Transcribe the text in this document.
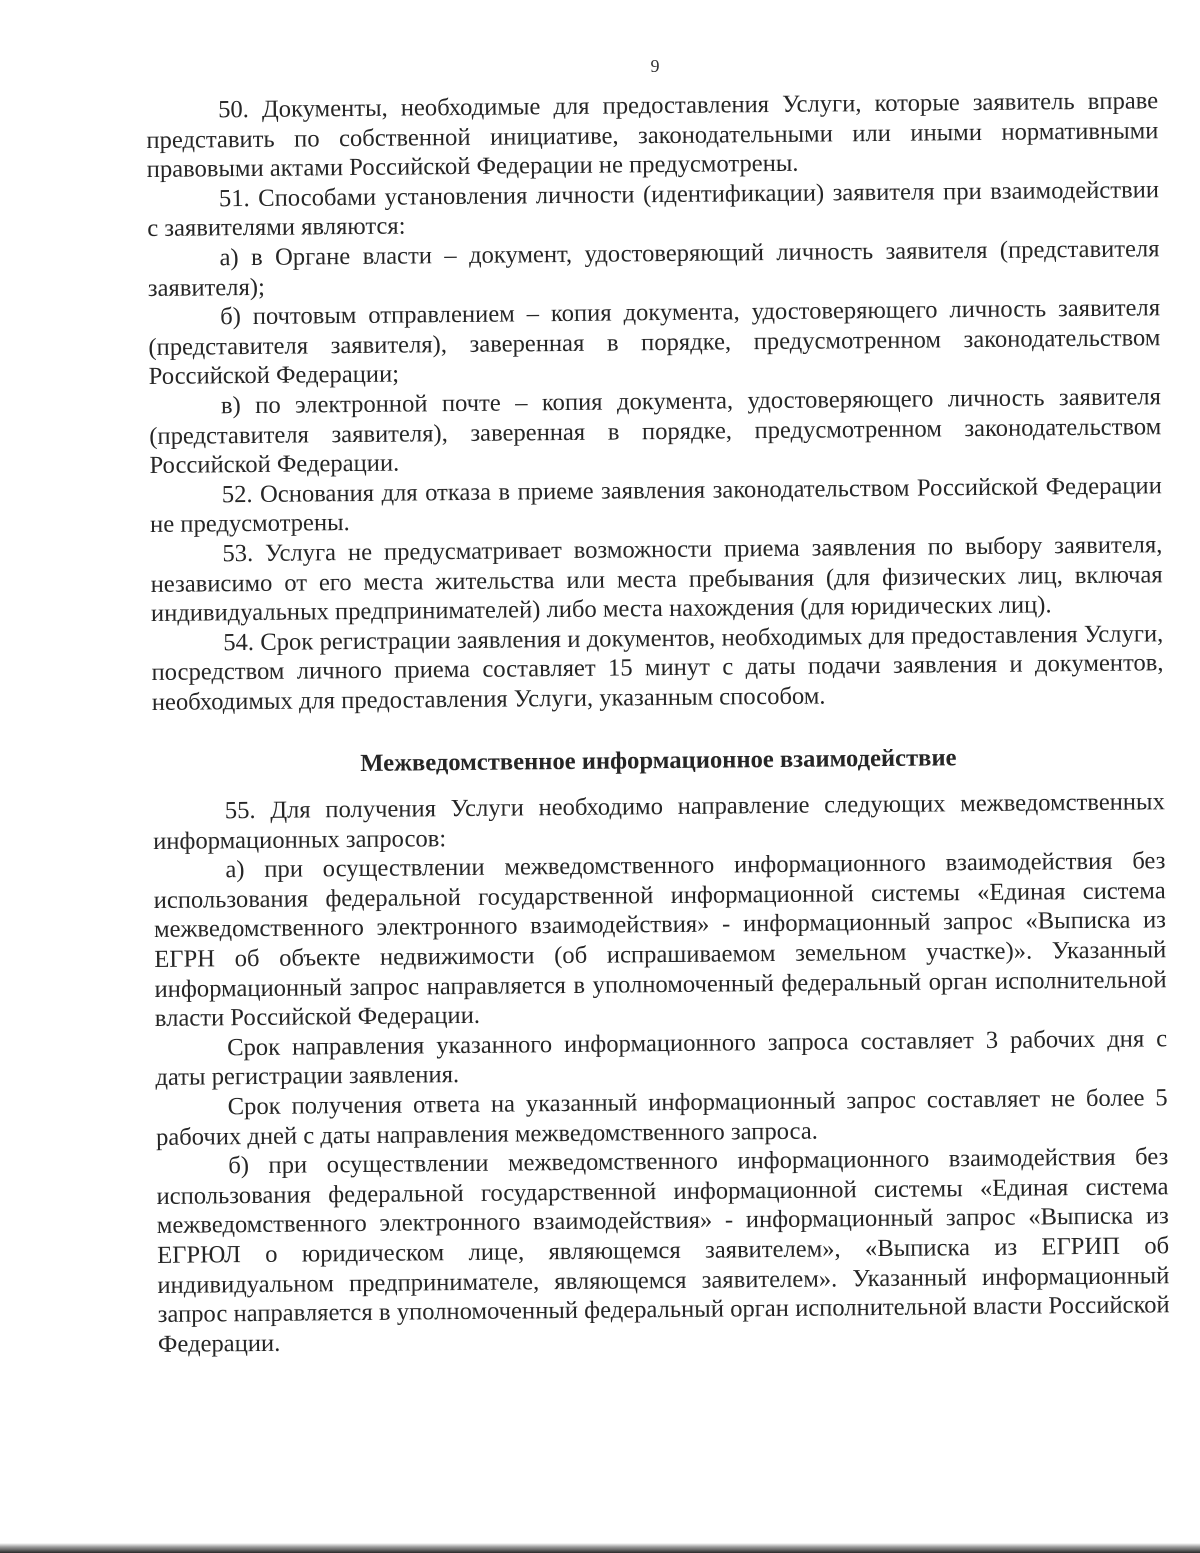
9

50. Документы, необходимые для предоставления Услуги, которые заявитель вправе представить по собственной инициативе, законодательными или иными нормативными правовыми актами Российской Федерации не предусмотрены.

51. Способами установления личности (идентификации) заявителя при взаимодействии с заявителями являются:

а) в Органе власти – документ, удостоверяющий личность заявителя (представителя заявителя);

б) почтовым отправлением – копия документа, удостоверяющего личность заявителя (представителя заявителя), заверенная в порядке, предусмотренном законодательством Российской Федерации;

в) по электронной почте – копия документа, удостоверяющего личность заявителя (представителя заявителя), заверенная в порядке, предусмотренном законодательством Российской Федерации.

52. Основания для отказа в приеме заявления законодательством Российской Федерации не предусмотрены.

53. Услуга не предусматривает возможности приема заявления по выбору заявителя, независимо от его места жительства или места пребывания (для физических лиц, включая индивидуальных предпринимателей) либо места нахождения (для юридических лиц).

54. Срок регистрации заявления и документов, необходимых для предоставления Услуги, посредством личного приема составляет 15 минут с даты подачи заявления и документов, необходимых для предоставления Услуги, указанным способом.

Межведомственное информационное взаимодействие

55. Для получения Услуги необходимо направление следующих межведомственных информационных запросов:

а) при осуществлении межведомственного информационного взаимодействия без использования федеральной государственной информационной системы «Единая система межведомственного электронного взаимодействия» - информационный запрос «Выписка из ЕГРН об объекте недвижимости (об испрашиваемом земельном участке)». Указанный информационный запрос направляется в уполномоченный федеральный орган исполнительной власти Российской Федерации.

Срок направления указанного информационного запроса составляет 3 рабочих дня с даты регистрации заявления.

Срок получения ответа на указанный информационный запрос составляет не более 5 рабочих дней с даты направления межведомственного запроса.

б) при осуществлении межведомственного информационного взаимодействия без использования федеральной государственной информационной системы «Единая система межведомственного электронного взаимодействия» - информационный запрос «Выписка из ЕГРЮЛ о юридическом лице, являющемся заявителем», «Выписка из ЕГРИП об индивидуальном предпринимателе, являющемся заявителем». Указанный информационный запрос направляется в уполномоченный федеральный орган исполнительной власти Российской Федерации.
